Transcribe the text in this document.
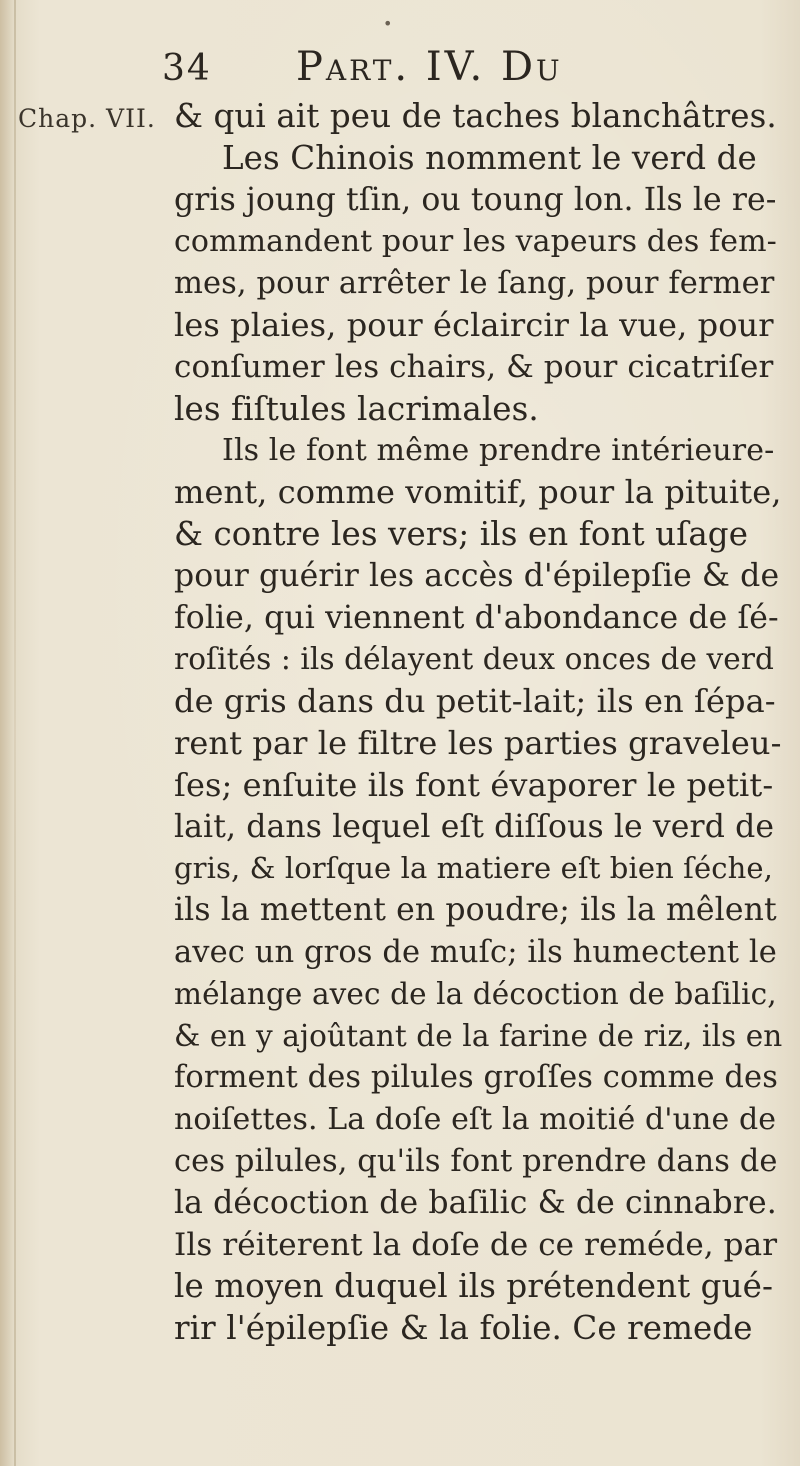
•
34 Part. IV. Du
Chap. VII. & qui ait peu de taches blanchâtres.
Les Chinois nomment le verd de
gris joung tſin, ou toung lon. Ils le re-
commandent pour les vapeurs des fem-
mes, pour arrêter le ſang, pour fermer
les plaies, pour éclaircir la vue, pour
conſumer les chairs, & pour cicatriſer
les fiſtules lacrimales.
Ils le font même prendre intérieure-
ment, comme vomitif, pour la pituite,
& contre les vers; ils en font uſage
pour guérir les accès d'épilepſie & de
folie, qui viennent d'abondance de ſé-
roſités : ils délayent deux onces de verd
de gris dans du petit-lait; ils en ſépa-
rent par le filtre les parties graveleu-
ſes; enſuite ils font évaporer le petit-
lait, dans lequel eſt diſſous le verd de
gris, & lorſque la matiere eſt bien ſéche,
ils la mettent en poudre; ils la mêlent
avec un gros de muſc; ils humectent le
mélange avec de la décoction de baſilic,
& en y ajoûtant de la farine de riz, ils en
forment des pilules groſſes comme des
noiſettes. La doſe eſt la moitié d'une de
ces pilules, qu'ils font prendre dans de
la décoction de baſilic & de cinnabre.
Ils réiterent la doſe de ce reméde, par
le moyen duquel ils prétendent gué-
rir l'épilepſie & la folie. Ce remede
